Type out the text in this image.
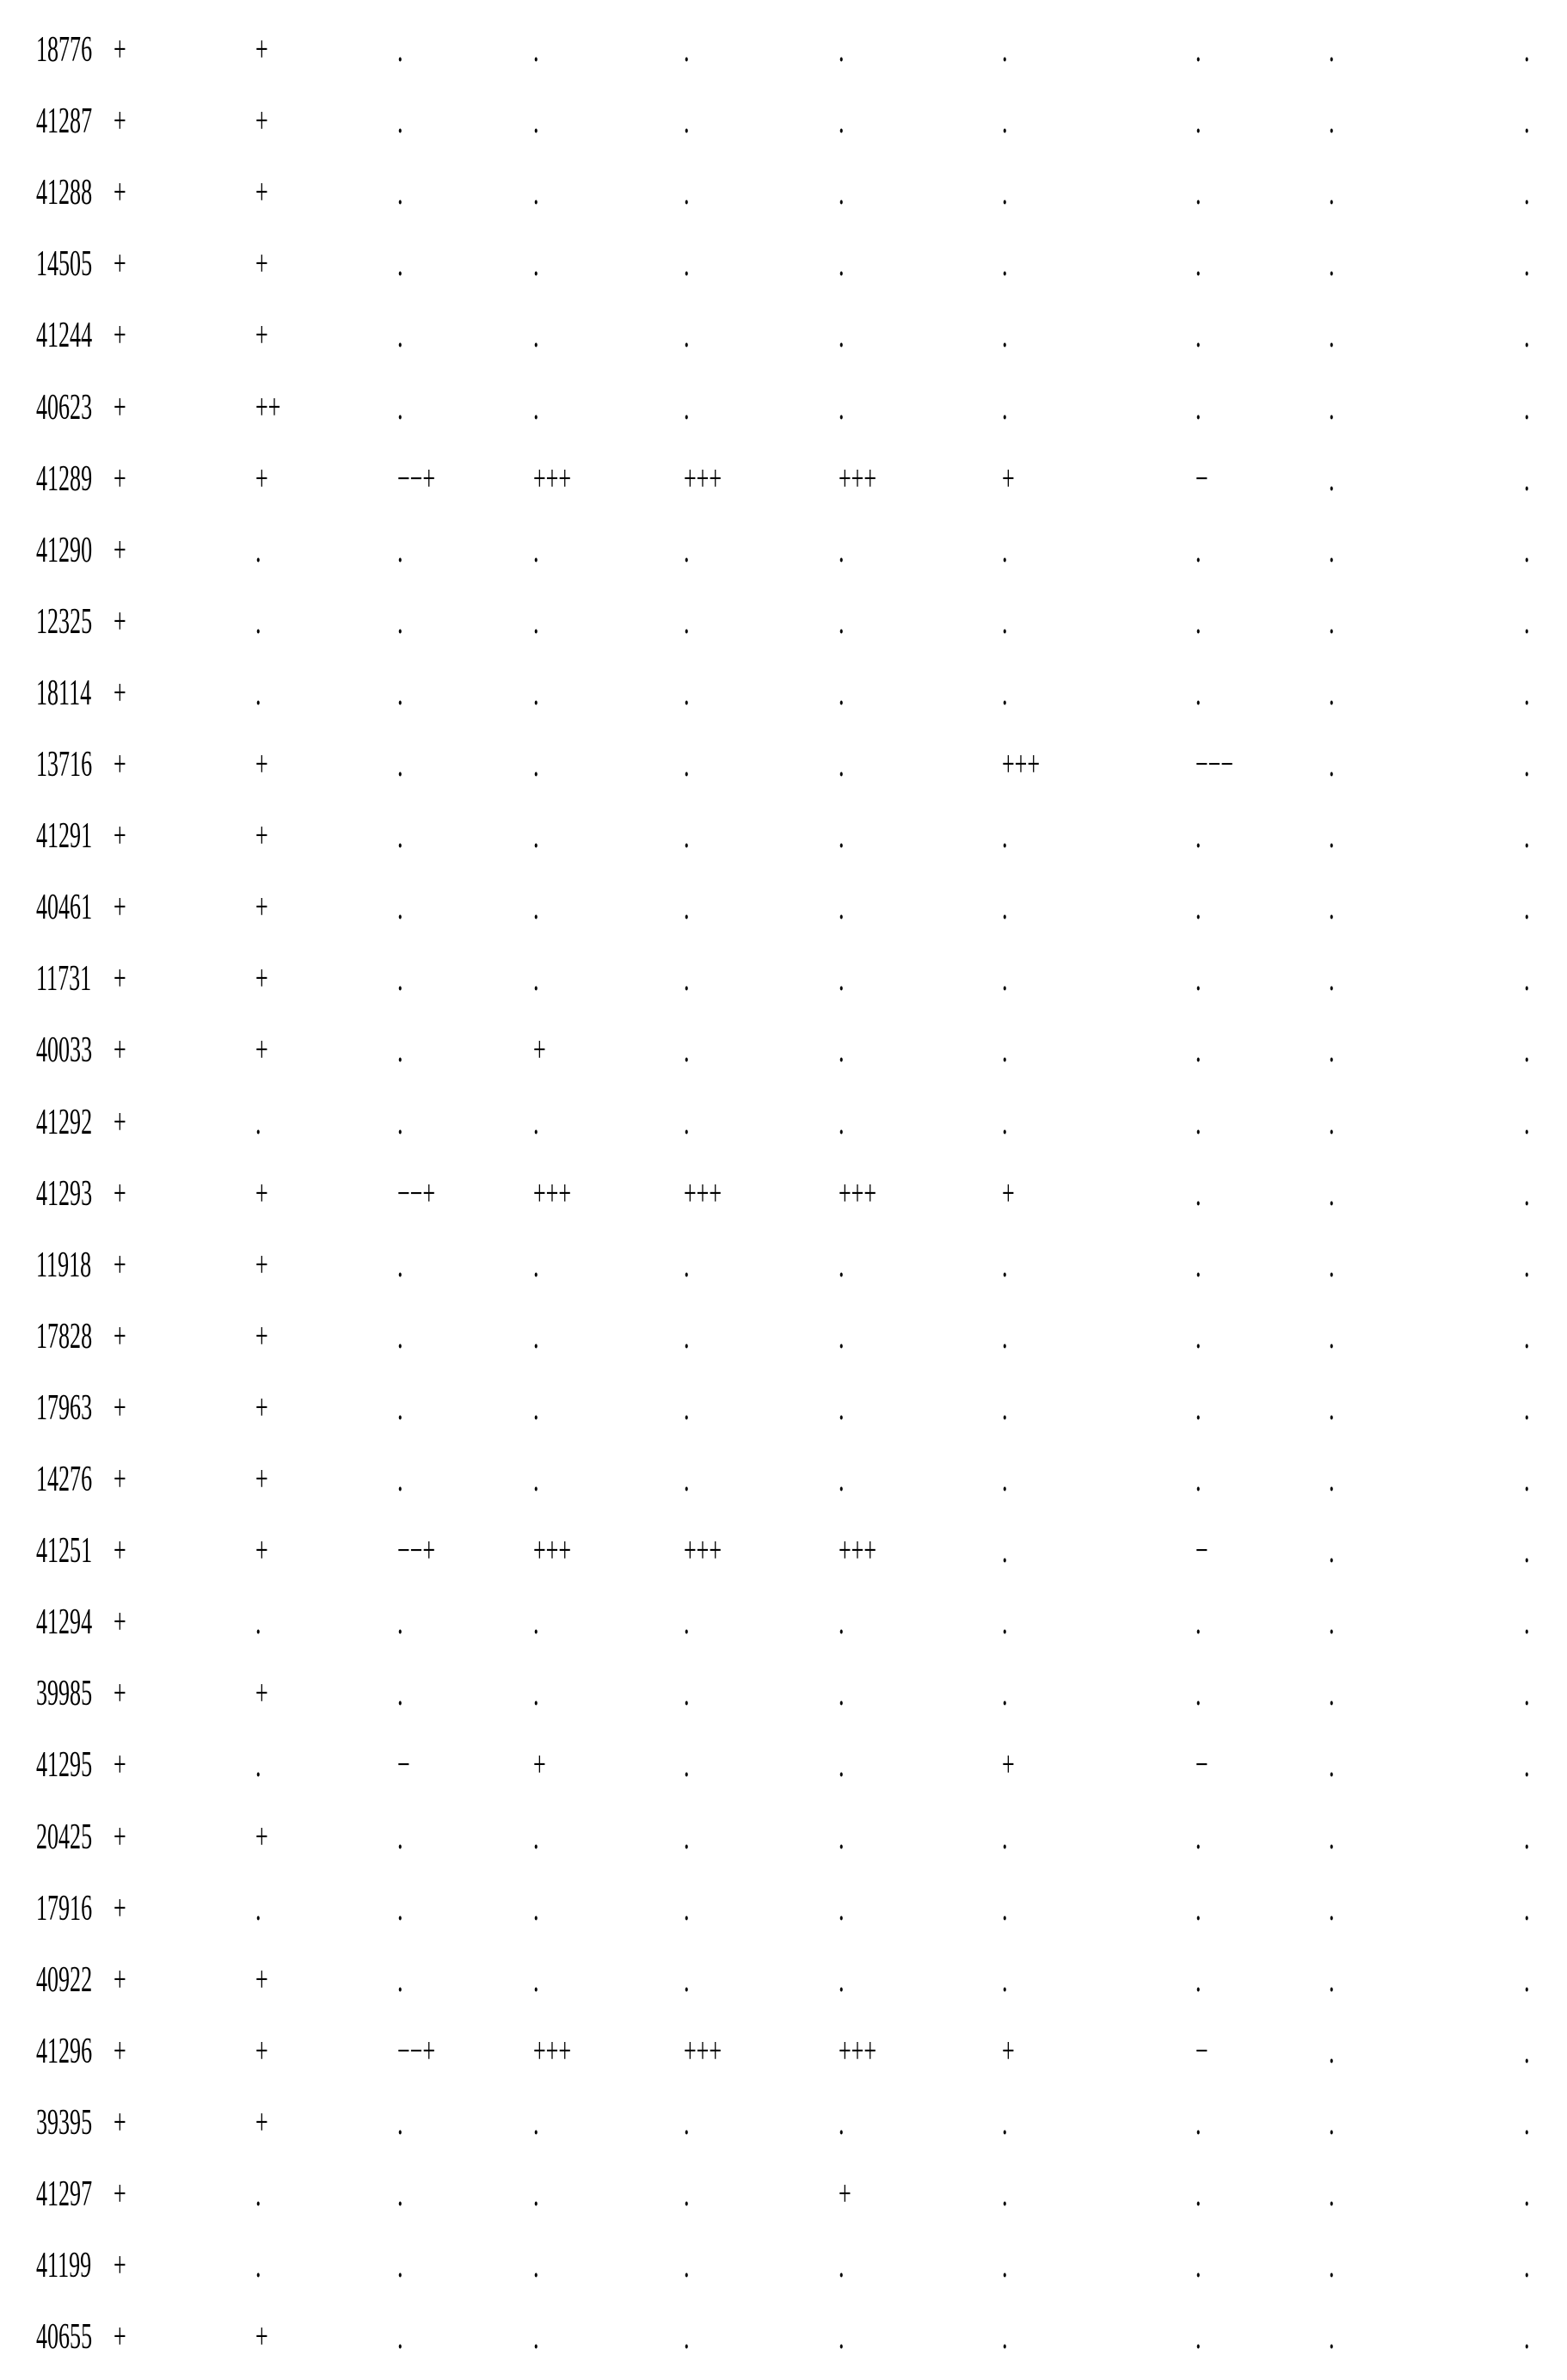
18776 +	+	.	.	.	.	.	.	.	.
41287 +	+	.	.	.	.	.	.	.	.
41288 +	+	.	.	.	.	.	.	.	.
14505 +	+	.	.	.	.	.	.	.	.
41244 +	+	.	.	.	.	.	.	.	.
40623 +	++	.	.	.	.	.	.	.	.
41289 +	+	−−+	+++	+++	+++	+	−	.	.
41290 +	.	.	.	.	.	.	.	.	.
12325 +	.	.	.	.	.	.	.	.	.
18114 +	.	.	.	.	.	.	.	.	.
13716 +	+	.	.	.	.	+++	−−−	.	.
41291 +	+	.	.	.	.	.	.	.	.
40461 +	+	.	.	.	.	.	.	.	.
11731 +	+	.	.	.	.	.	.	.	.
40033 +	+	.	+	.	.	.	.	.	.
41292 +	.	.	.	.	.	.	.	.	.
41293 +	+	−−+	+++	+++	+++	+	.	.	.
11918 +	+	.	.	.	.	.	.	.	.
17828 +	+	.	.	.	.	.	.	.	.
17963 +	+	.	.	.	.	.	.	.	.
14276 +	+	.	.	.	.	.	.	.	.
41251 +	+	−−+	+++	+++	+++	.	−	.	.
41294 +	.	.	.	.	.	.	.	.	.
39985 +	+	.	.	.	.	.	.	.	.
41295 +	.	−	+	.	.	+	−	.	.
20425 +	+	.	.	.	.	.	.	.	.
17916 +	.	.	.	.	.	.	.	.	.
40922 +	+	.	.	.	.	.	.	.	.
41296 +	+	−−+	+++	+++	+++	+	−	.	.
39395 +	+	.	.	.	.	.	.	.	.
41297 +	.	.	.	.	+	.	.	.	.
41199 +	.	.	.	.	.	.	.	.	.
40655 +	+	.	.	.	.	.	.	.	.
